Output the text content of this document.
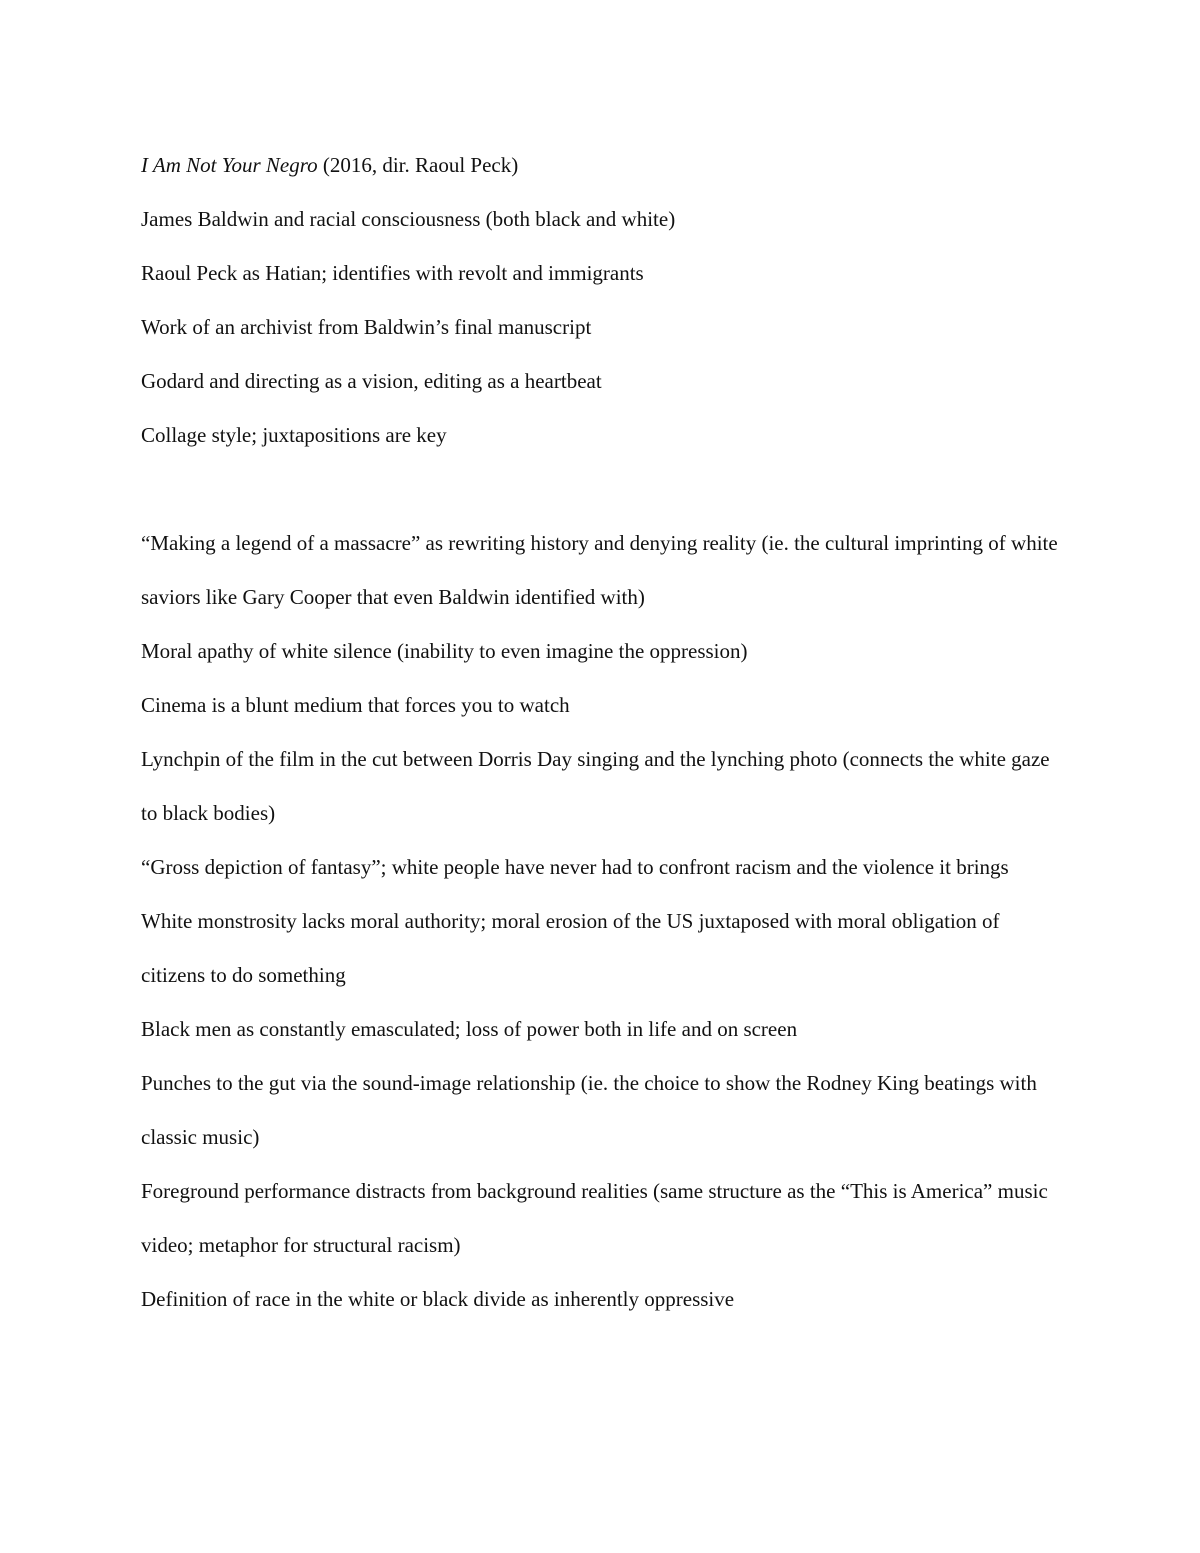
I Am Not Your Negro (2016, dir. Raoul Peck)

James Baldwin and racial consciousness (both black and white)

Raoul Peck as Hatian; identifies with revolt and immigrants

Work of an archivist from Baldwin’s final manuscript

Godard and directing as a vision, editing as a heartbeat

Collage style; juxtapositions are key

“Making a legend of a massacre” as rewriting history and denying reality (ie. the cultural imprinting of white saviors like Gary Cooper that even Baldwin identified with)

Moral apathy of white silence (inability to even imagine the oppression)

Cinema is a blunt medium that forces you to watch

Lynchpin of the film in the cut between Dorris Day singing and the lynching photo (connects the white gaze to black bodies)

“Gross depiction of fantasy”; white people have never had to confront racism and the violence it brings

White monstrosity lacks moral authority; moral erosion of the US juxtaposed with moral obligation of citizens to do something

Black men as constantly emasculated; loss of power both in life and on screen

Punches to the gut via the sound-image relationship (ie. the choice to show the Rodney King beatings with classic music)

Foreground performance distracts from background realities (same structure as the “This is America” music video; metaphor for structural racism)

Definition of race in the white or black divide as inherently oppressive
